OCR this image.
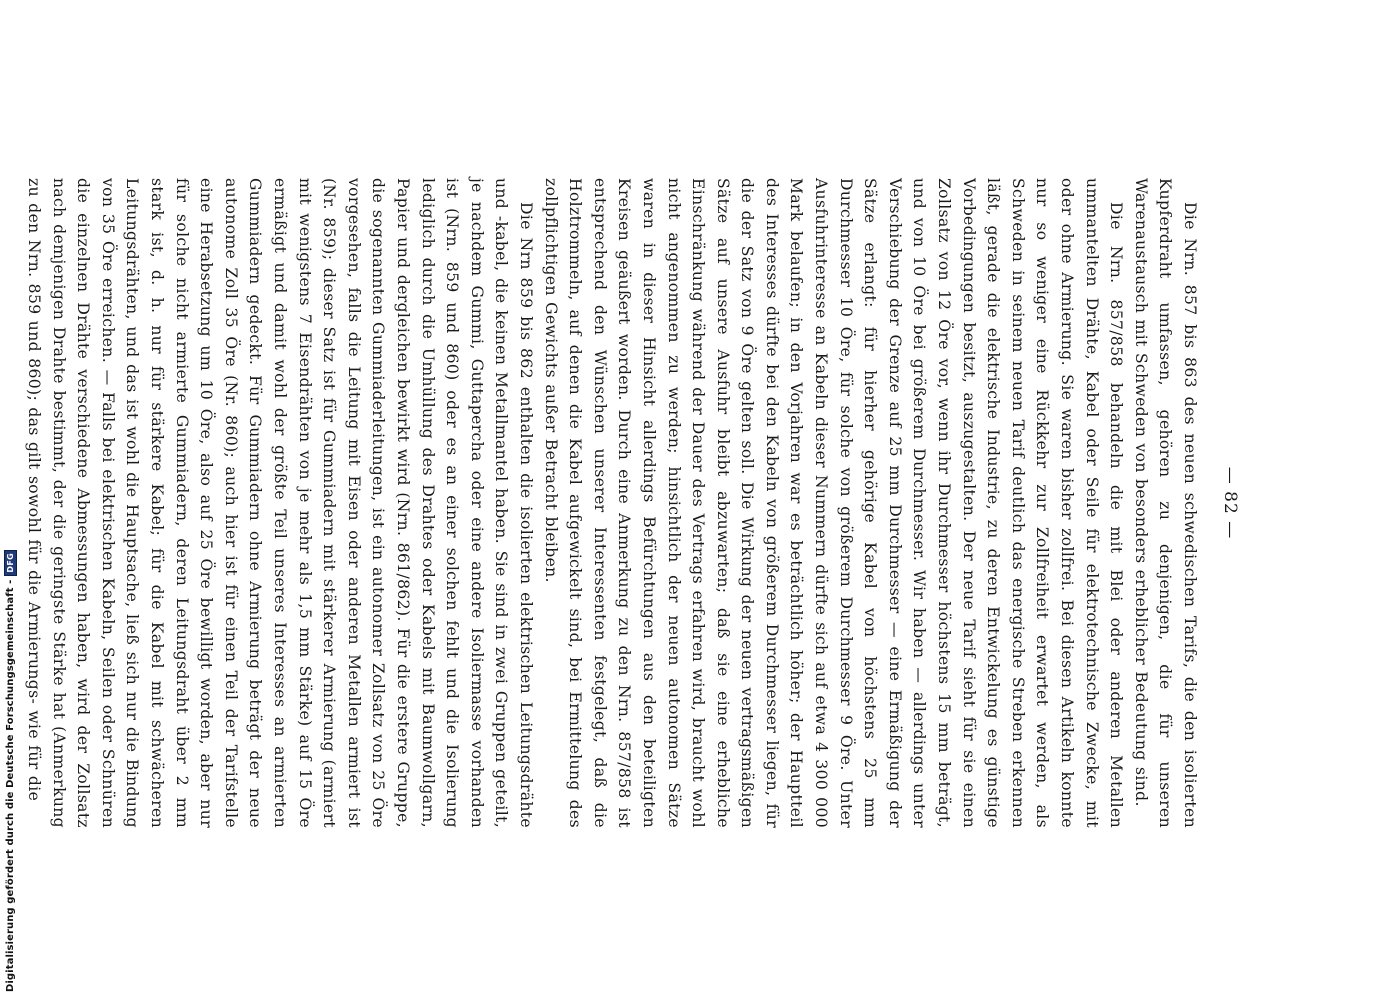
— 82 —

Die Nrn. 857 bis 863 des neuen schwedischen Tarifs, die den isolierten Kupferdraht umfassen, gehören zu denjenigen, die für unseren Warenaustausch mit Schweden von besonders erheblicher Bedeutung sind.

Die Nrn. 857/858 behandeln die mit Blei oder anderen Metallen ummantelten Drähte, Kabel oder Seile für elektrotechnische Zwecke, mit oder ohne Armierung. Sie waren bisher zollfrei. Bei diesen Artikeln konnte nur so weniger eine Rückkehr zur Zollfreiheit erwartet werden, als Schweden in seinem neuen Tarif deutlich das energische Streben erkennen läßt, gerade die elektrische Industrie, zu deren Entwickelung es günstige Vorbedingungen besitzt, auszugestalten. Der neue Tarif sieht für sie einen Zollsatz von 12 Öre vor, wenn ihr Durchmesser höchstens 15 mm beträgt, und von 10 Öre bei größerem Durchmesser. Wir haben — allerdings unter Verschiebung der Grenze auf 25 mm Durchmesser — eine Ermäßigung der Sätze erlangt: für hierher gehörige Kabel von höchstens 25 mm Durchmesser 10 Öre, für solche von größerem Durchmesser 9 Öre. Unter Ausfuhrinteresse an Kabeln dieser Nummern dürfte sich auf etwa 4 300 000 Mark belaufen; in den Vorjahren war es beträchtlich höher; der Hauptteil des Interesses dürfte bei den Kabeln von größerem Durchmesser liegen, für die der Satz von 9 Öre gelten soll. Die Wirkung der neuen vertragsmäßigen Sätze auf unsere Ausfuhr bleibt abzuwarten; daß sie eine erhebliche Einschränkung während der Dauer des Vertrags erfahren wird, braucht wohl nicht angenommen zu werden; hinsichtlich der neuen autonomen Sätze waren in dieser Hinsicht allerdings Befürchtungen aus den beteiligten Kreisen geäußert worden. Durch eine Anmerkung zu den Nrn. 857/858 ist entsprechend den Wünschen unserer Interessenten festgelegt, daß die Holztrommeln, auf denen die Kabel aufgewickelt sind, bei Ermittelung des zollpflichtigen Gewichts außer Betracht bleiben.

Die Nrn 859 bis 862 enthalten die isolierten elektrischen Leitungsdrähte und -kabel, die keinen Metallmantel haben. Sie sind in zwei Gruppen geteilt, je nachdem Gummi, Guttapercha oder eine andere Isoliermasse vorhanden ist (Nrn. 859 und 860) oder es an einer solchen fehlt und die Isolierung lediglich durch die Umhüllung des Drahtes oder Kabels mit Baumwollgarn, Papier und dergleichen bewirkt wird (Nrn. 861/862). Für die erstere Gruppe, die sogenannten Gummiaderleitungen, ist ein autonomer Zollsatz von 25 Öre vorgesehen, falls die Leitung mit Eisen oder anderen Metallen armiert ist (Nr. 859); dieser Satz ist für Gummiadern mit stärkerer Armierung (armiert mit wenigstens 7 Eisendrähten von je mehr als 1,5 mm Stärke) auf 15 Öre ermäßigt und damit wohl der größte Teil unseres Interesses an armierten Gummiadern gedeckt. Für Gummiadern ohne Armierung beträgt der neue autonome Zoll 35 Öre (Nr. 860); auch hier ist für einen Teil der Tarifstelle eine Herabsetzung um 10 Öre, also auf 25 Öre bewilligt worden, aber nur für solche nicht armierte Gummiadern, deren Leitungsdraht über 2 mm stark ist, d. h. nur für stärkere Kabel; für die Kabel mit schwächeren Leitungsdrähten, und das ist wohl die Hauptsache, ließ sich nur die Bindung von 35 Öre erreichen. — Falls bei elektrischen Kabeln, Seilen oder Schnüren die einzelnen Drähte verschiedene Abmessungen haben, wird der Zollsatz nach demjenigen Drahte bestimmt, der die geringste Stärke hat (Anmerkung zu den Nrn. 859 und 860); das gilt sowohl für die Armierungs- wie für die

Digitalisierung gefördert durch die Deutsche Forschungsgemeinschaft -
DFG
